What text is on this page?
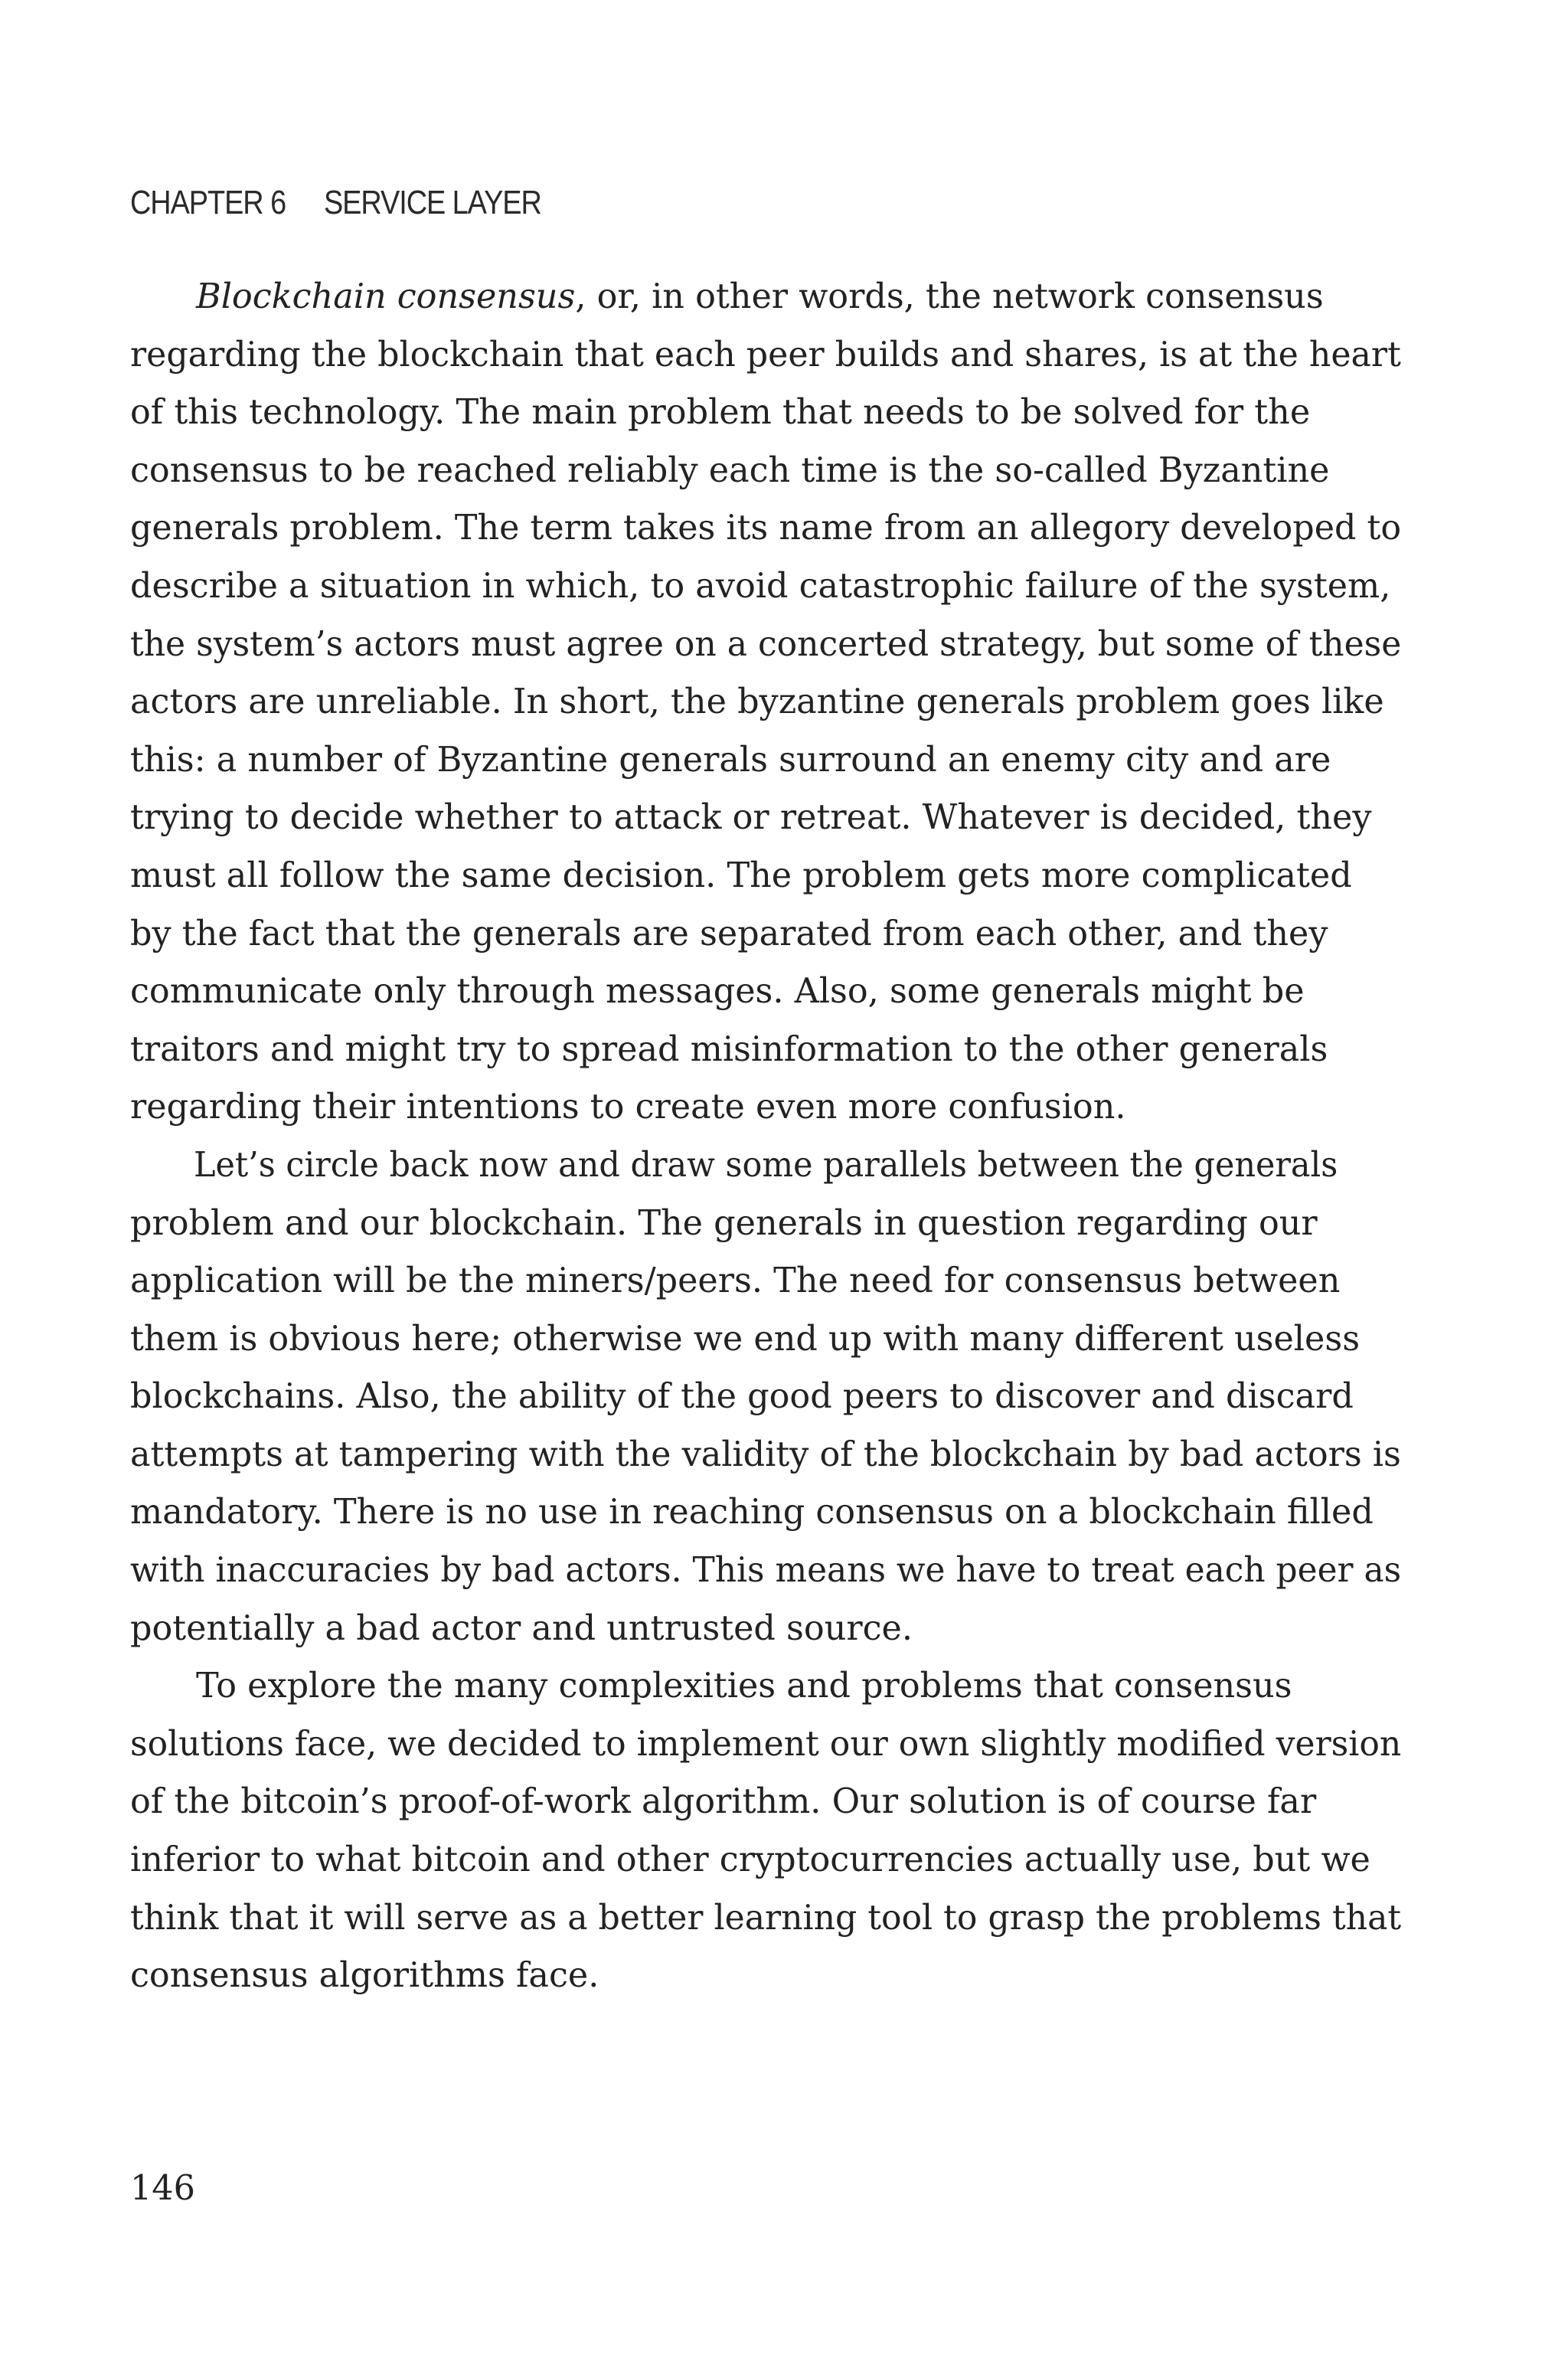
CHAPTER 6 SERVICE LAYER

Blockchain consensus, or, in other words, the network consensus
regarding the blockchain that each peer builds and shares, is at the heart
of this technology. The main problem that needs to be solved for the
consensus to be reached reliably each time is the so-called Byzantine
generals problem. The term takes its name from an allegory developed to
describe a situation in which, to avoid catastrophic failure of the system,
the system’s actors must agree on a concerted strategy, but some of these
actors are unreliable. In short, the byzantine generals problem goes like
this: a number of Byzantine generals surround an enemy city and are
trying to decide whether to attack or retreat. Whatever is decided, they
must all follow the same decision. The problem gets more complicated
by the fact that the generals are separated from each other, and they
communicate only through messages. Also, some generals might be
traitors and might try to spread misinformation to the other generals
regarding their intentions to create even more confusion.

Let’s circle back now and draw some parallels between the generals
problem and our blockchain. The generals in question regarding our
application will be the miners/peers. The need for consensus between
them is obvious here; otherwise we end up with many different useless
blockchains. Also, the ability of the good peers to discover and discard
attempts at tampering with the validity of the blockchain by bad actors is
mandatory. There is no use in reaching consensus on a blockchain filled
with inaccuracies by bad actors. This means we have to treat each peer as
potentially a bad actor and untrusted source.

To explore the many complexities and problems that consensus
solutions face, we decided to implement our own slightly modified version
of the bitcoin’s proof-of-work algorithm. Our solution is of course far
inferior to what bitcoin and other cryptocurrencies actually use, but we
think that it will serve as a better learning tool to grasp the problems that
consensus algorithms face.

146
